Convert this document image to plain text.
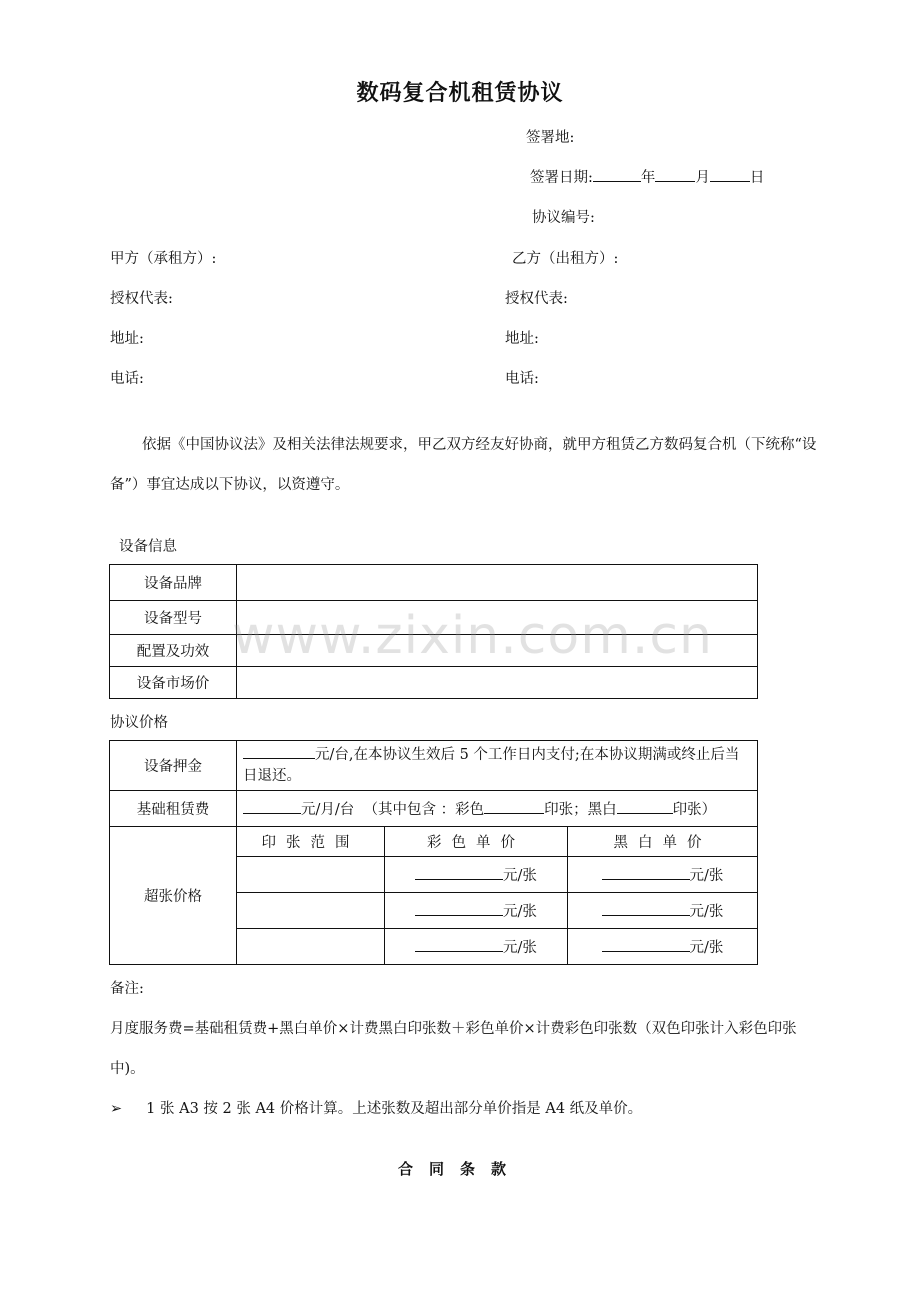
数码复合机租赁协议
签署地:
签署日期:	年	月	日
协议编号:
甲方（承租方）:	乙方（出租方）:
授权代表:	授权代表:
地址:	地址:
电话:	电话:
依据《中国协议法》及相关法律法规要求，甲乙双方经友好协商，就甲方租赁乙方数码复合机（下统称“设备”）事宜达成以下协议，以资遵守。
设备信息
设备品牌	
设备型号	
配置及功效	
设备市场价	
协议价格
设备押金	元/台,在本协议生效后 5 个工作日内支付;在本协议期满或终止后当日退还。		
基础租赁费	元/月/台 （其中包含 ：彩色 印张；黑白 印张）		
超张价格	印张范围	彩色单价	黑白单价
		元/张	元/张
		元/张	元/张
		元/张	元/张
www.zixin.com.cn
备注:
月度服务费=基础租赁费+黑白单价×计费黑白印张数＋彩色单价×计费彩色印张数（双色印张计入彩色印张中)。
➢ 1 张 A3 按 2 张 A4 价格计算。上述张数及超出部分单价指是 A4 纸及单价。
合同条款
